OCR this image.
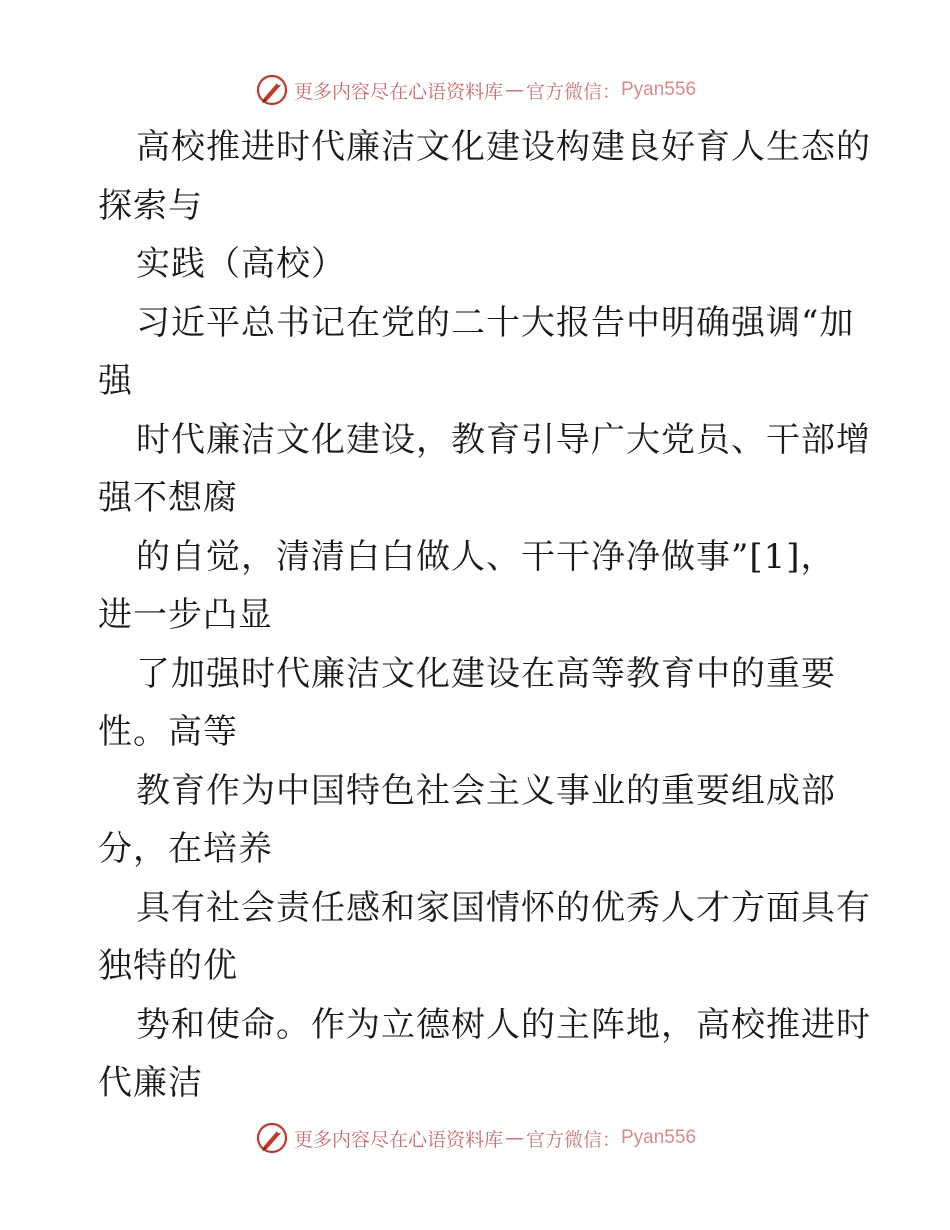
更多内容尽在心语资料库 — 官方微信： Pyan556
高校推进时代廉洁文化建设构建良好育人生态的
探索与
实践（高校）
习近平总书记在党的二十大报告中明确强调“加
强
时代廉洁文化建设，教育引导广大党员、干部增
强不想腐
的自觉，清清白白做人、干干净净做事”[1]，
进一步凸显
了加强时代廉洁文化建设在高等教育中的重要
性。高等
教育作为中国特色社会主义事业的重要组成部
分，在培养
具有社会责任感和家国情怀的优秀人才方面具有
独特的优
势和使命。作为立德树人的主阵地，高校推进时
代廉洁
更多内容尽在心语资料库 — 官方微信： Pyan556
